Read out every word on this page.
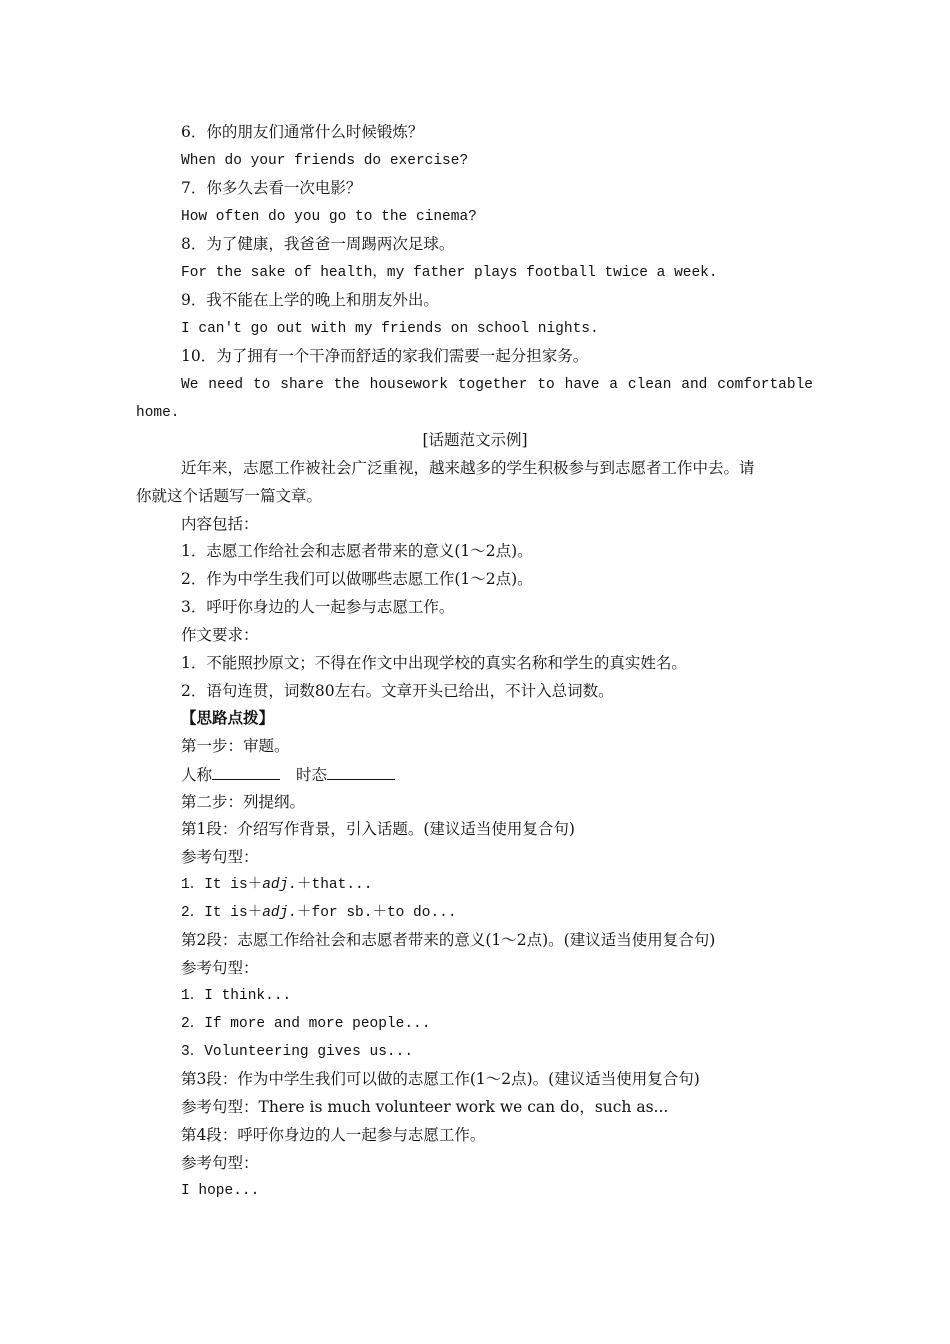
6．你的朋友们通常什么时候锻炼？
When do your friends do exercise?
7．你多久去看一次电影？
How often do you go to the cinema?
8．为了健康，我爸爸一周踢两次足球。
For the sake of health，my father plays football twice a week.
9．我不能在上学的晚上和朋友外出。
I can't go out with my friends on school nights.
10．为了拥有一个干净而舒适的家我们需要一起分担家务。
We need to share the housework together to have a clean and comfortable
home.
[话题范文示例]
近年来，志愿工作被社会广泛重视，越来越多的学生积极参与到志愿者工作中去。请
你就这个话题写一篇文章。
内容包括：
1．志愿工作给社会和志愿者带来的意义(1～2点)。
2．作为中学生我们可以做哪些志愿工作(1～2点)。
3．呼吁你身边的人一起参与志愿工作。
作文要求：
1．不能照抄原文；不得在作文中出现学校的真实名称和学生的真实姓名。
2．语句连贯，词数80左右。文章开头已给出，不计入总词数。
【思路点拨】
第一步：审题。
人称	时态
第二步：列提纲。
第1段：介绍写作背景，引入话题。(建议适当使用复合句)
参考句型：
1．It is＋adj.＋that...
2．It is＋adj.＋for sb.＋to do...
第2段：志愿工作给社会和志愿者带来的意义(1～2点)。(建议适当使用复合句)
参考句型：
1．I think...
2．If more and more people...
3．Volunteering gives us...
第3段：作为中学生我们可以做的志愿工作(1～2点)。(建议适当使用复合句)
参考句型：There is much volunteer work we can do，such as...
第4段：呼吁你身边的人一起参与志愿工作。
参考句型：
I hope...
